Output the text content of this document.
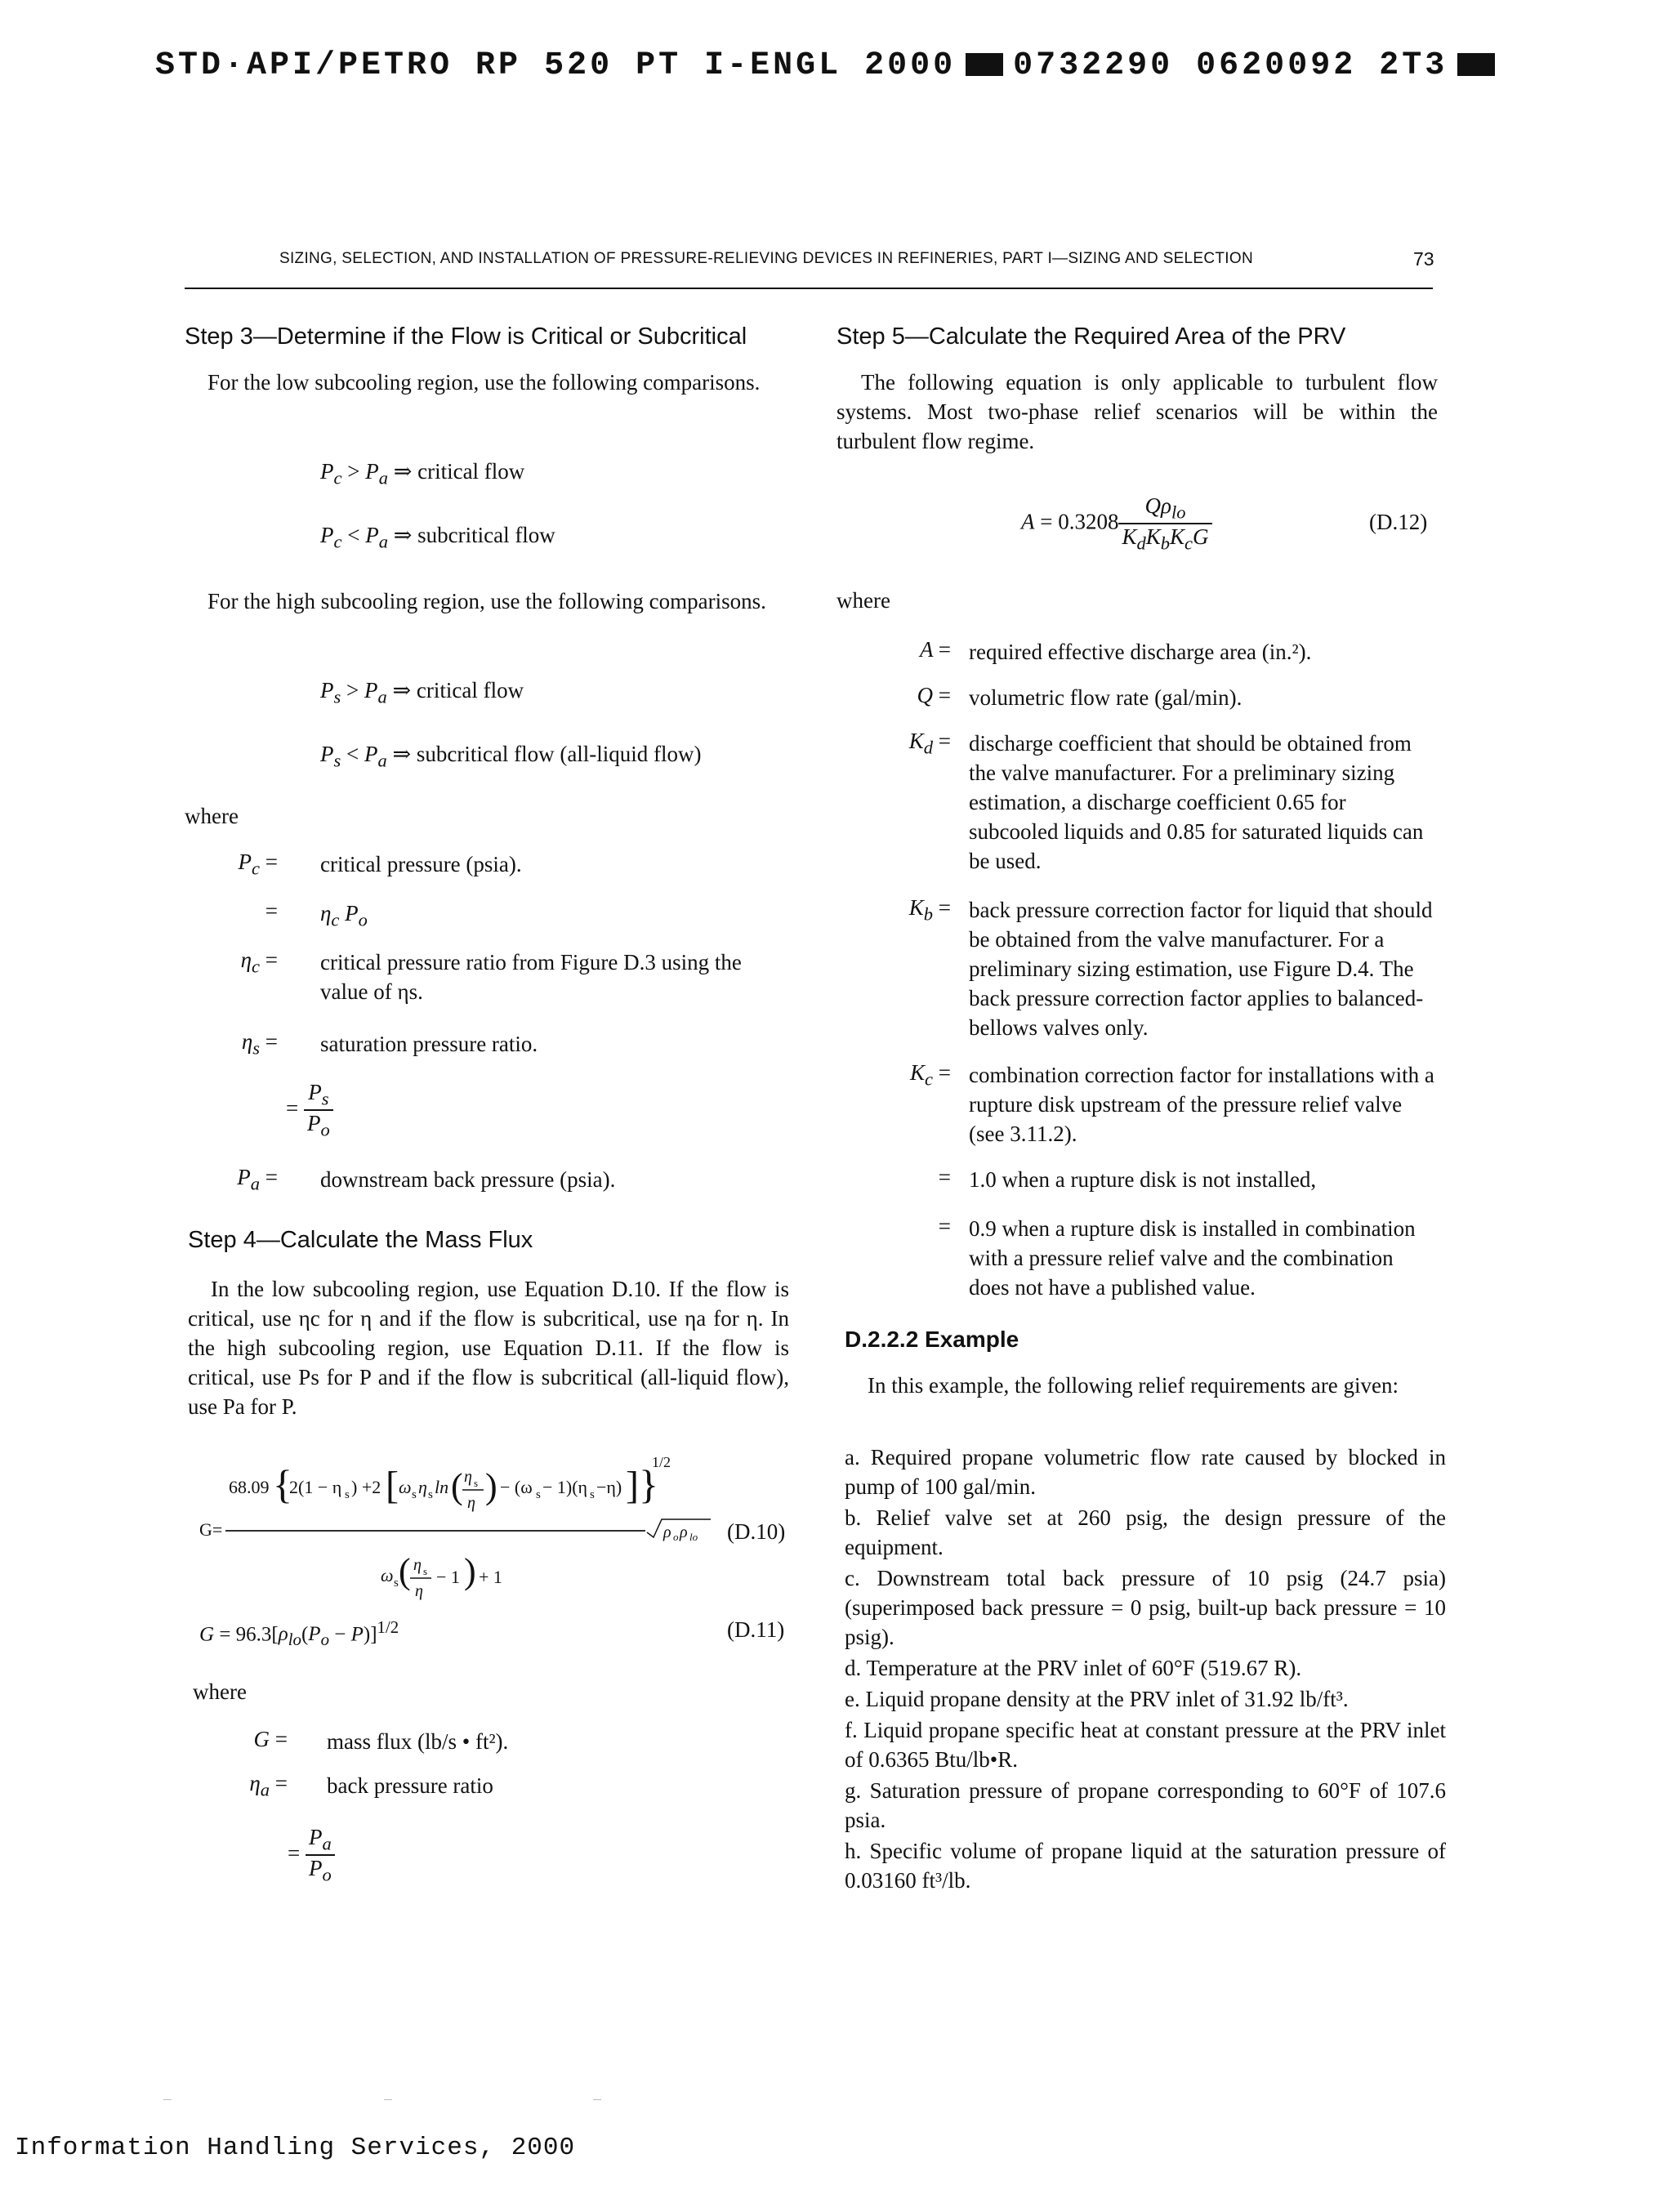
STD·API/PETRO RP 520 PT I-ENGL 2000 0732290 0620092 2T3
SIZING, SELECTION, AND INSTALLATION OF PRESSURE-RELIEVING DEVICES IN REFINERIES, PART I—SIZING AND SELECTION	73
Step 3—Determine if the Flow is Critical or Subcritical
For the low subcooling region, use the following comparisons.
$P_c > P_a$ ⇒ critical flow
$P_c < P_a$ ⇒ subcritical flow
For the high subcooling region, use the following comparisons.
$P_s > P_a$ ⇒ critical flow
$P_s < P_a$ ⇒ subcritical flow (all-liquid flow)
where
$P_c$ = critical pressure (psia).
= $\eta_c$ $P_o$
$\eta_c$ = critical pressure ratio from Figure D.3 using the value of ηs.
$\eta_s$ = saturation pressure ratio.
= $\frac{P_s}{P_o}$
$P_a$ = downstream back pressure (psia).
Step 4—Calculate the Mass Flux
In the low subcooling region, use Equation D.10. If the flow is critical, use ηc for η and if the flow is subcritical, use ηa for η. In the high subcooling region, use Equation D.11. If the flow is critical, use Ps for P and if the flow is subcritical (all-liquid flow), use Pa for P.
68.09 {
2(1 − η s ) +2 [ ω s η s ln ( η s
η ) − (ω s − 1)(η s −η) ] }
1/2
G=	ρ o ρ lo
ω s ( η s
η
− 1 ) + 1
(D.10)
$G = 96.3[\rho_{lo}(P_o - P)]^{1/2}$	(D.11)
where
G = mass flux (lb/s • ft²).
$\eta_a$ = back pressure ratio
= $\frac{P_a}{P_o}$
Step 5—Calculate the Required Area of the PRV
The following equation is only applicable to turbulent flow systems. Most two-phase relief scenarios will be within the turbulent flow regime.
$A = 0.3208 \frac{Q\rho_{lo}}{K_dK_bK_cG}$	(D.12)
where
A = required effective discharge area (in.²).
Q = volumetric flow rate (gal/min).
$K_d$ = discharge coefficient that should be obtained from the valve manufacturer. For a preliminary sizing estimation, a discharge coefficient 0.65 for subcooled liquids and 0.85 for saturated liquids can be used.
$K_b$ = back pressure correction factor for liquid that should be obtained from the valve manufacturer. For a preliminary sizing estimation, use Figure D.4. The back pressure correction factor applies to balanced-bellows valves only.
$K_c$ = combination correction factor for installations with a rupture disk upstream of the pressure relief valve (see 3.11.2).
= 1.0 when a rupture disk is not installed,
= 0.9 when a rupture disk is installed in combination with a pressure relief valve and the combination does not have a published value.
D.2.2.2 Example
In this example, the following relief requirements are given:
a. Required propane volumetric flow rate caused by blocked in pump of 100 gal/min.
b. Relief valve set at 260 psig, the design pressure of the equipment.
c. Downstream total back pressure of 10 psig (24.7 psia) (superimposed back pressure = 0 psig, built-up back pressure = 10 psig).
d. Temperature at the PRV inlet of 60°F (519.67 R).
e. Liquid propane density at the PRV inlet of 31.92 lb/ft³.
f. Liquid propane specific heat at constant pressure at the PRV inlet of 0.6365 Btu/lb•R.
g. Saturation pressure of propane corresponding to 60°F of 107.6 psia.
h. Specific volume of propane liquid at the saturation pressure of 0.03160 ft³/lb.
Information Handling Services, 2000
